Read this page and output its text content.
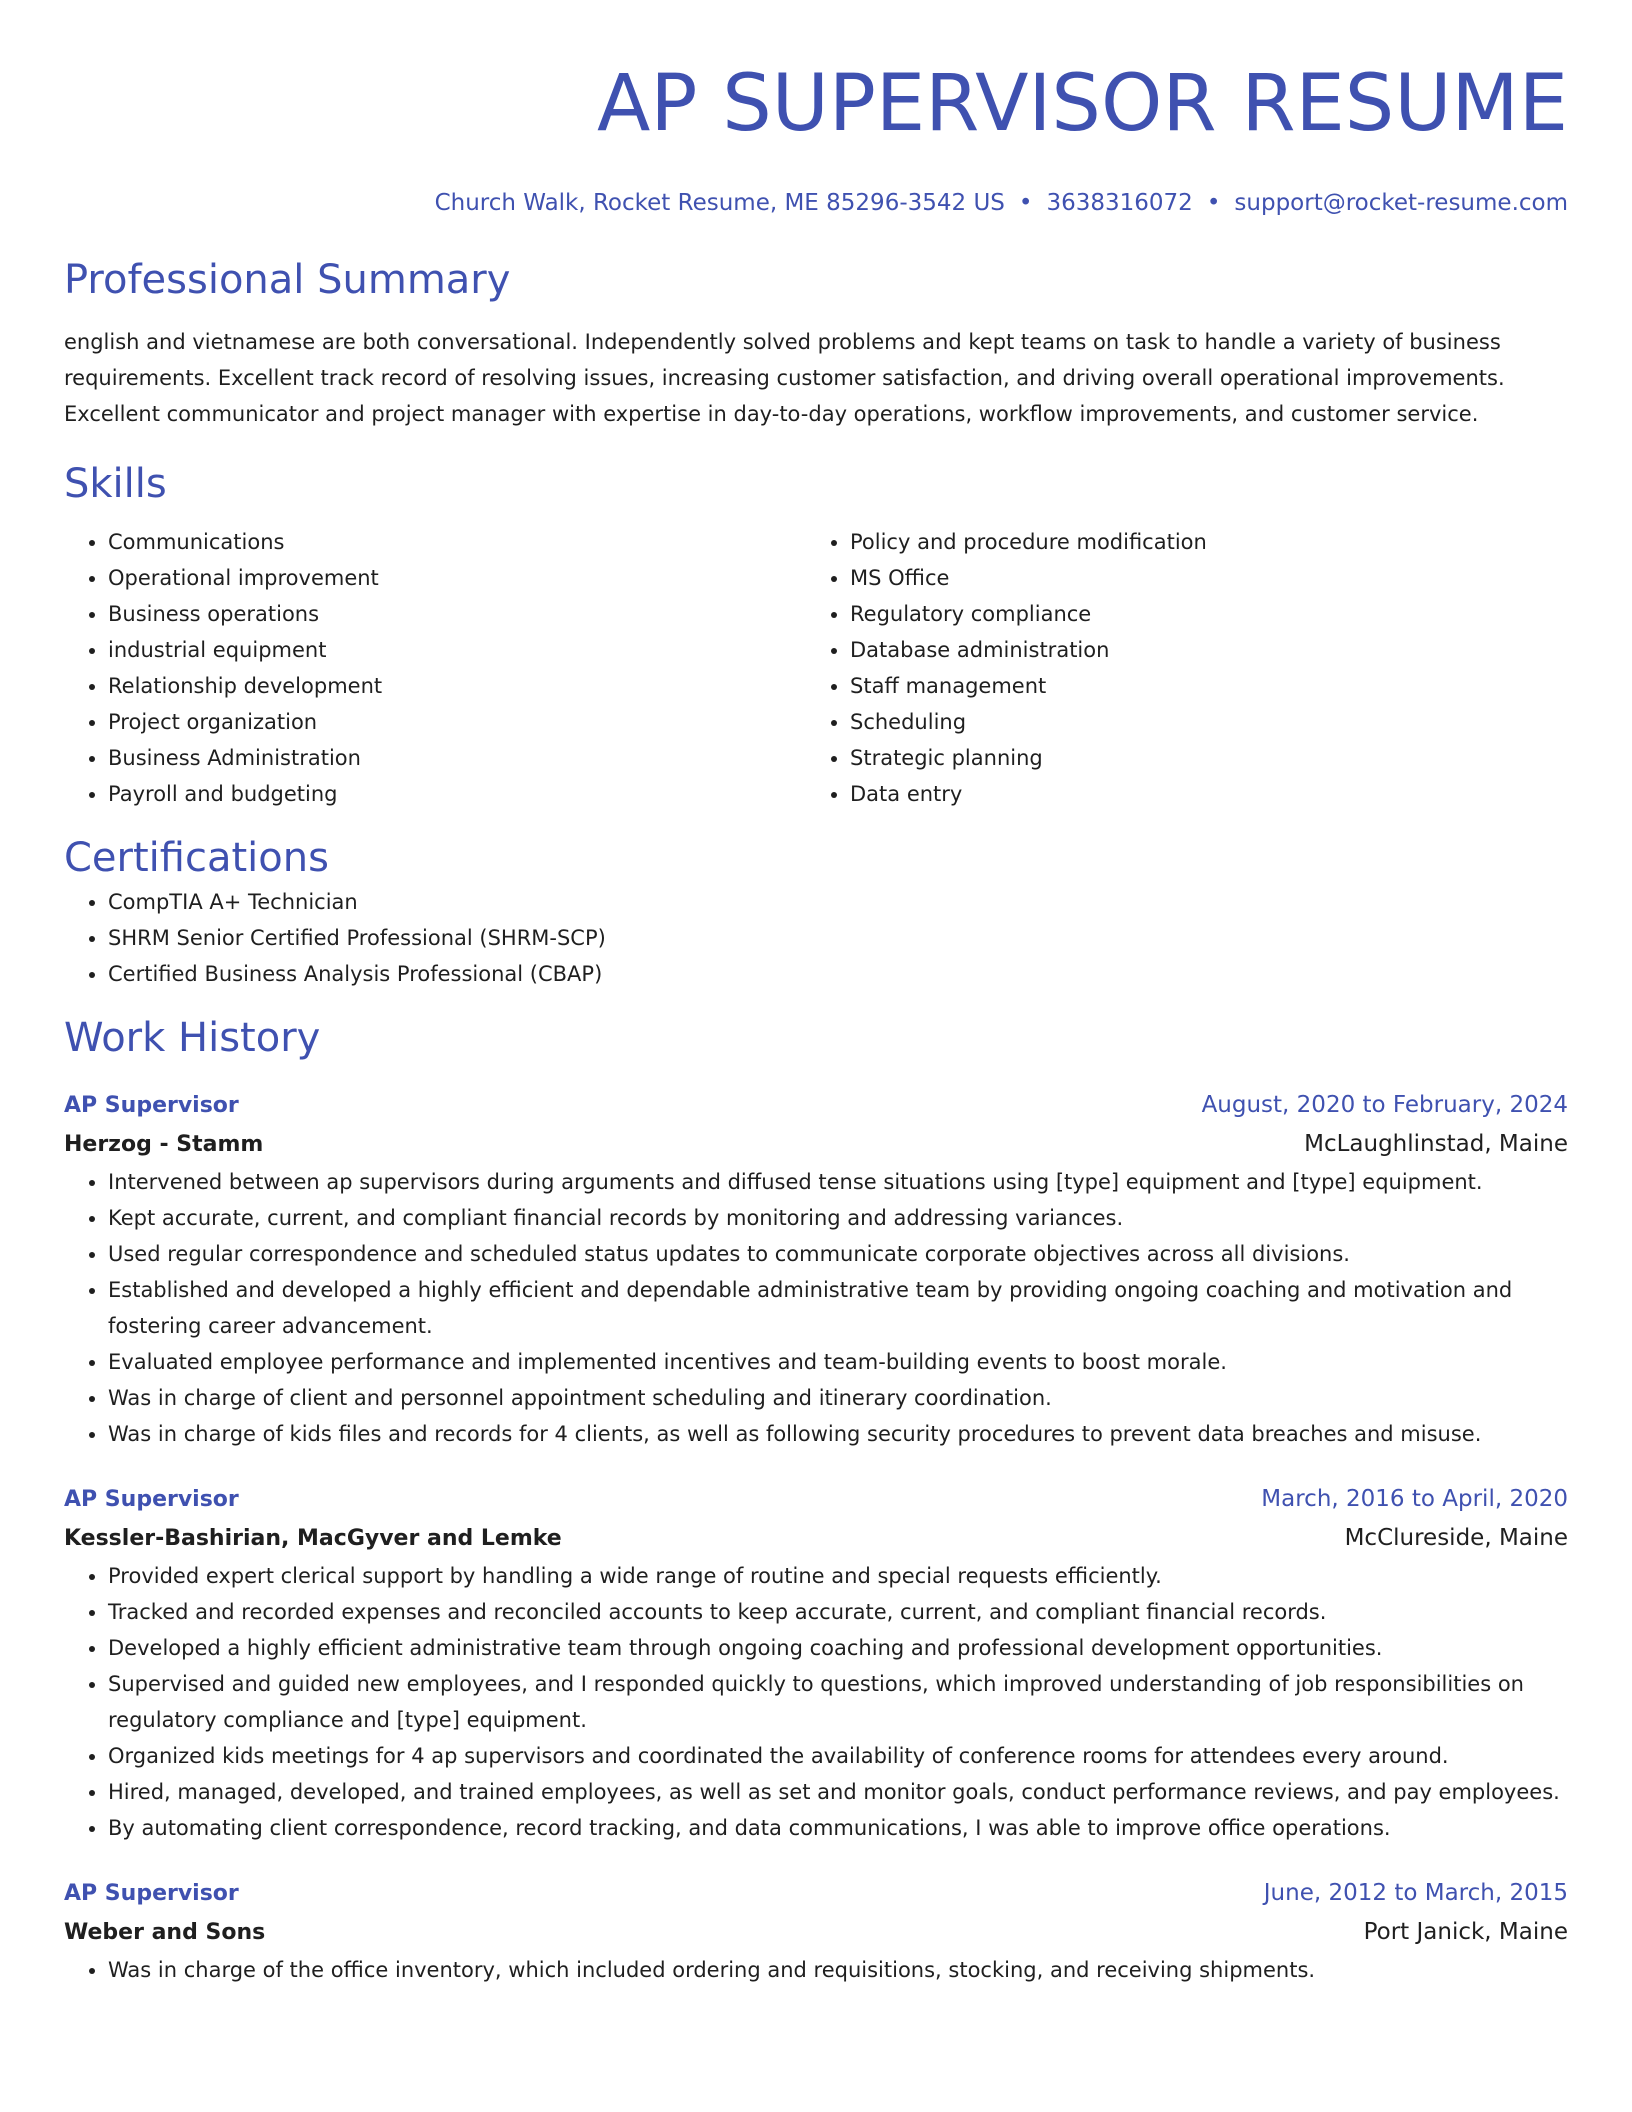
AP SUPERVISOR RESUME
Church Walk, Rocket Resume, ME 85296-3542 US • 3638316072 • support@rocket-resume.com
Professional Summary
english and vietnamese are both conversational. Independently solved problems and kept teams on task to handle a variety of business requirements. Excellent track record of resolving issues, increasing customer satisfaction, and driving overall operational improvements. Excellent communicator and project manager with expertise in day-to-day operations, workflow improvements, and customer service.
Skills
• Communications
• Operational improvement
• Business operations
• industrial equipment
• Relationship development
• Project organization
• Business Administration
• Payroll and budgeting
• Policy and procedure modification
• MS Office
• Regulatory compliance
• Database administration
• Staff management
• Scheduling
• Strategic planning
• Data entry
Certifications
• CompTIA A+ Technician
• SHRM Senior Certified Professional (SHRM-SCP)
• Certified Business Analysis Professional (CBAP)
Work History
AP Supervisor	August, 2020 to February, 2024
Herzog - Stamm	McLaughlinstad, Maine
• Intervened between ap supervisors during arguments and diffused tense situations using [type] equipment and [type] equipment.
• Kept accurate, current, and compliant financial records by monitoring and addressing variances.
• Used regular correspondence and scheduled status updates to communicate corporate objectives across all divisions.
• Established and developed a highly efficient and dependable administrative team by providing ongoing coaching and motivation and fostering career advancement.
• Evaluated employee performance and implemented incentives and team-building events to boost morale.
• Was in charge of client and personnel appointment scheduling and itinerary coordination.
• Was in charge of kids files and records for 4 clients, as well as following security procedures to prevent data breaches and misuse.
AP Supervisor	March, 2016 to April, 2020
Kessler-Bashirian, MacGyver and Lemke	McClureside, Maine
• Provided expert clerical support by handling a wide range of routine and special requests efficiently.
• Tracked and recorded expenses and reconciled accounts to keep accurate, current, and compliant financial records.
• Developed a highly efficient administrative team through ongoing coaching and professional development opportunities.
• Supervised and guided new employees, and I responded quickly to questions, which improved understanding of job responsibilities on regulatory compliance and [type] equipment.
• Organized kids meetings for 4 ap supervisors and coordinated the availability of conference rooms for attendees every around.
• Hired, managed, developed, and trained employees, as well as set and monitor goals, conduct performance reviews, and pay employees.
• By automating client correspondence, record tracking, and data communications, I was able to improve office operations.
AP Supervisor	June, 2012 to March, 2015
Weber and Sons	Port Janick, Maine
• Was in charge of the office inventory, which included ordering and requisitions, stocking, and receiving shipments.
